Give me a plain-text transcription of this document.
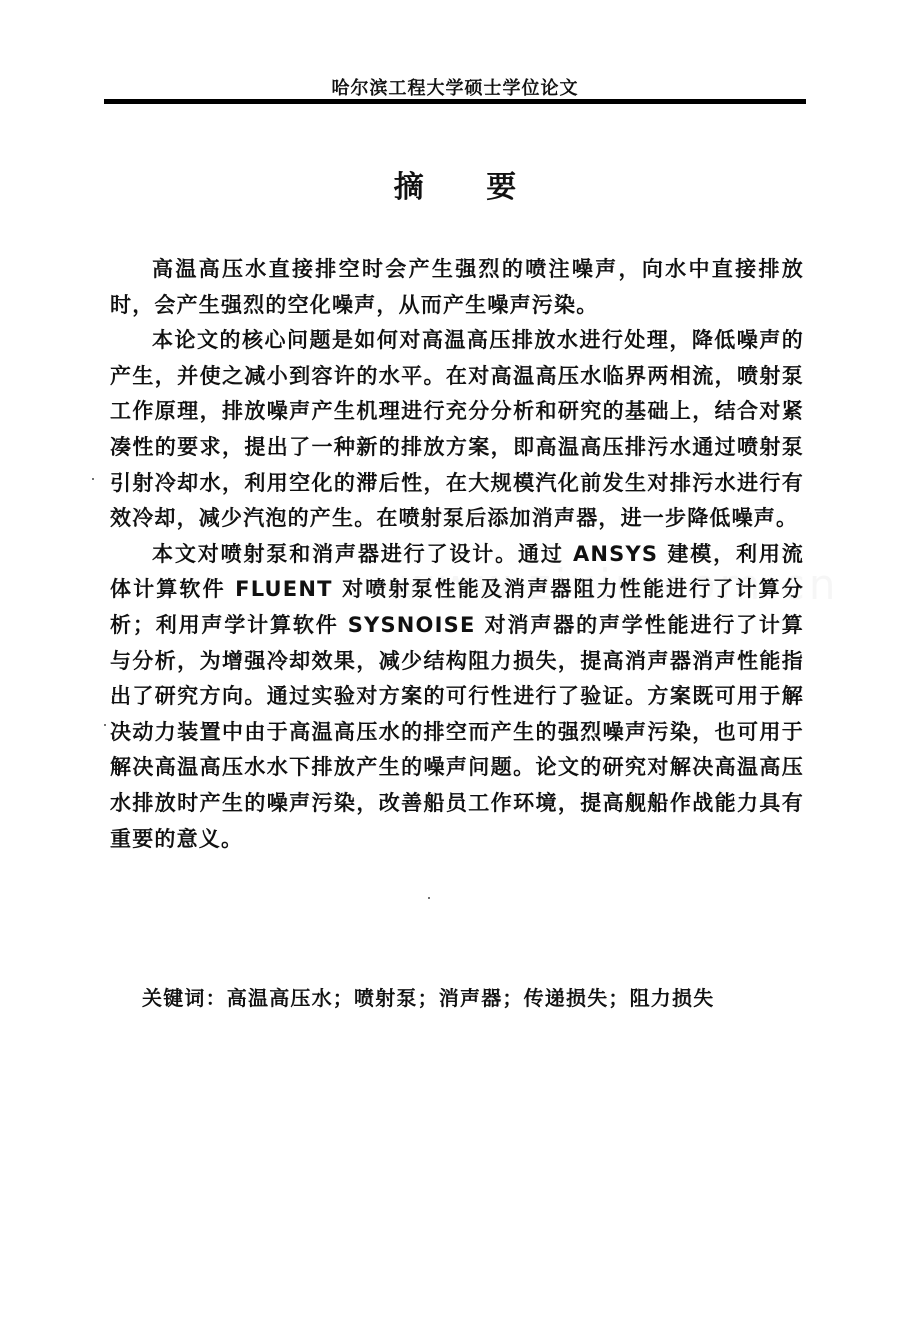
哈尔滨工程大学硕士学位论文
摘 要

高温高压水直接排空时会产生强烈的喷注噪声，向水中直接排放时，会产生强烈的空化噪声，从而产生噪声污染。

本论文的核心问题是如何对高温高压排放水进行处理，降低噪声的产生，并使之减小到容许的水平。在对高温高压水临界两相流，喷射泵工作原理，排放噪声产生机理进行充分分析和研究的基础上，结合对紧凑性的要求，提出了一种新的排放方案，即高温高压排污水通过喷射泵引射冷却水，利用空化的滞后性，在大规模汽化前发生对排污水进行有效冷却，减少汽泡的产生。在喷射泵后添加消声器，进一步降低噪声。

本文对喷射泵和消声器进行了设计。通过 ANSYS 建模，利用流体计算软件 FLUENT 对喷射泵性能及消声器阻力性能进行了计算分析；利用声学计算软件 SYSNOISE 对消声器的声学性能进行了计算与分析，为增强冷却效果，减少结构阻力损失，提高消声器消声性能指出了研究方向。通过实验对方案的可行性进行了验证。方案既可用于解决动力装置中由于高温高压水的排空而产生的强烈噪声污染，也可用于解决高温高压水水下排放产生的噪声问题。论文的研究对解决高温高压水排放时产生的噪声污染，改善船员工作环境，提高舰船作战能力具有重要的意义。

关键词：高温高压水；喷射泵；消声器；传递损失；阻力损失
